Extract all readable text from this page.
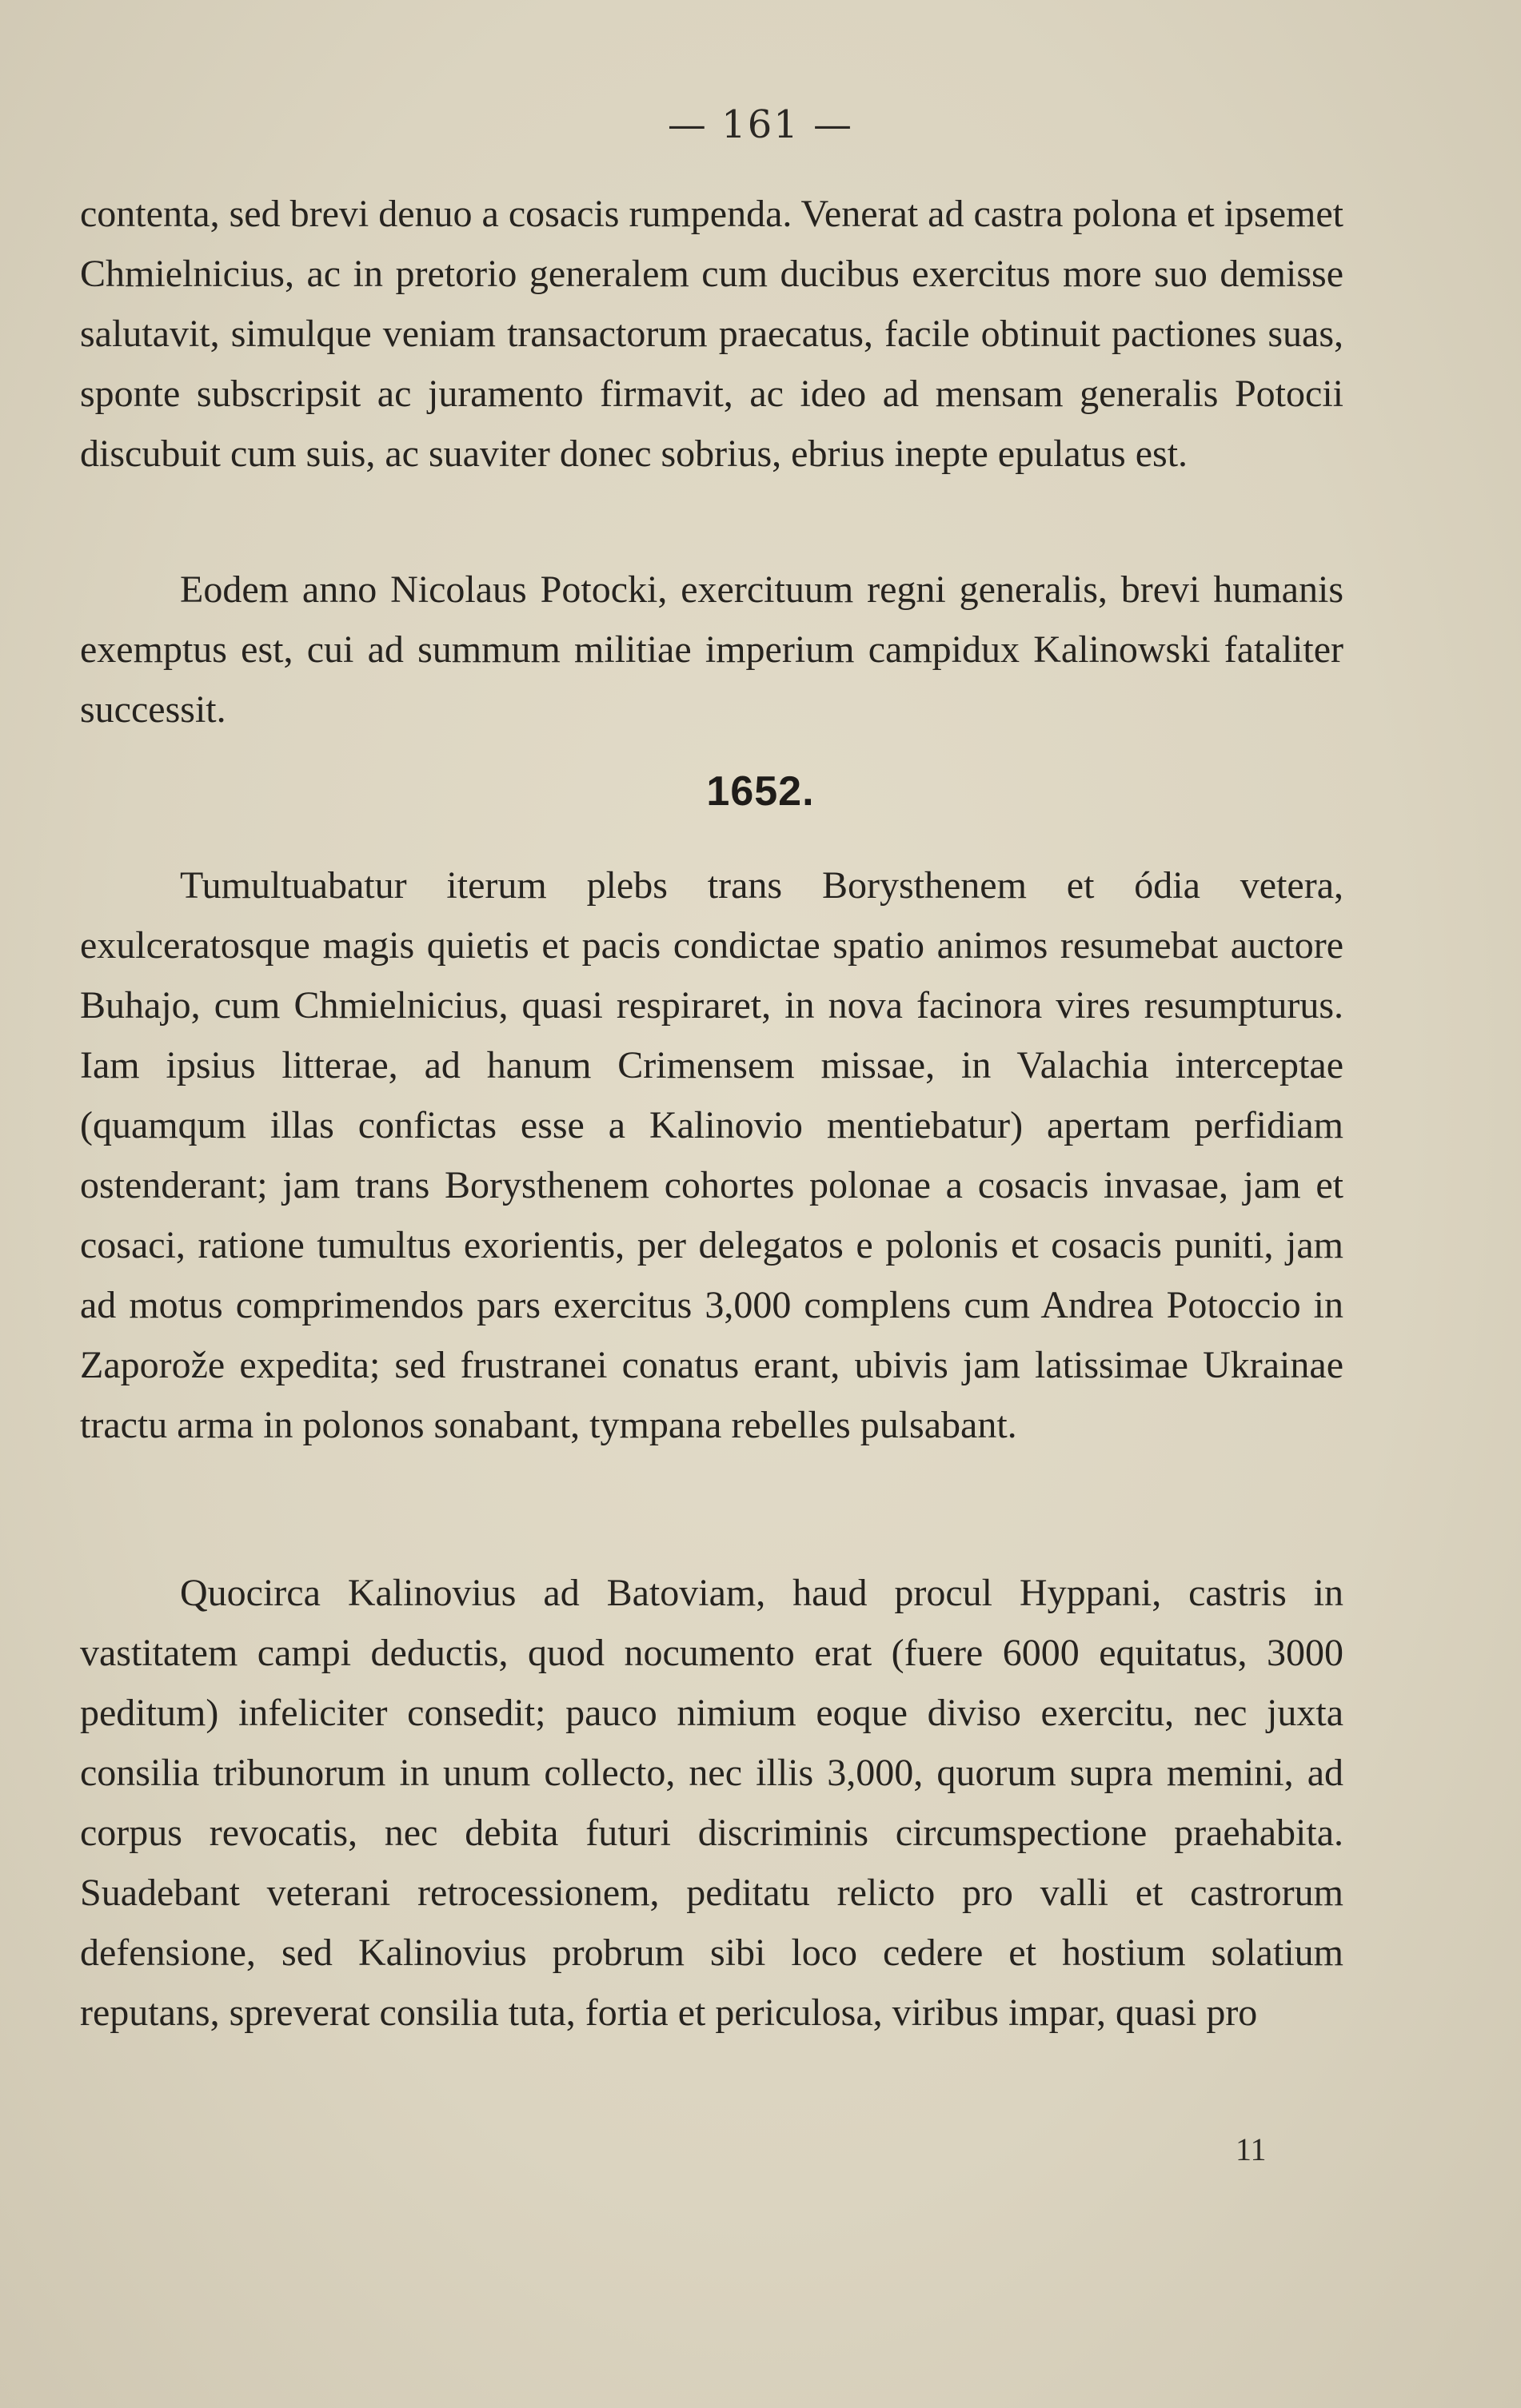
— 161 —

contenta, sed brevi denuo a cosacis rumpenda. Venerat ad castra polona et ipsemet Chmielnicius, ac in pretorio generalem cum ducibus exercitus more suo demisse salutavit, simulque veniam transactorum praecatus, facile obtinuit pactiones suas, sponte subscripsit ac juramento firmavit, ac ideo ad mensam generalis Potocii discubuit cum suis, ac suaviter donec sobrius, ebrius inepte epulatus est.

Eodem anno Nicolaus Potocki, exercituum regni generalis, brevi humanis exemptus est, cui ad summum militiae imperium campidux Kalinowski fataliter successit.

1652.

Tumultuabatur iterum plebs trans Borysthenem et ódia vetera, exulceratosque magis quietis et pacis condictae spatio animos resumebat auctore Buhajo, cum Chmielnicius, quasi respiraret, in nova facinora vires resumpturus. Iam ipsius litterae, ad hanum Crimensem missae, in Valachia interceptae (quamqum illas confictas esse a Kalinovio mentiebatur) apertam perfidiam ostenderant; jam trans Borysthenem cohortes polonae a cosacis invasae, jam et cosaci, ratione tumultus exorientis, per delegatos e polonis et cosacis puniti, jam ad motus comprimendos pars exercitus 3,000 complens cum Andrea Potoccio in Zaporože expedita; sed frustranei conatus erant, ubivis jam latissimae Ukrainae tractu arma in polonos sonabant, tympana rebelles pulsabant.

Quocirca Kalinovius ad Batoviam, haud procul Hyppani, castris in vastitatem campi deductis, quod nocumento erat (fuere 6000 equitatus, 3000 peditum) infeliciter consedit; pauco nimium eoque diviso exercitu, nec juxta consilia tribunorum in unum collecto, nec illis 3,000, quorum supra memini, ad corpus revocatis, nec debita futuri discriminis circumspectione praehabita. Suadebant veterani retrocessionem, peditatu relicto pro valli et castrorum defensione, sed Kalinovius probrum sibi loco cedere et hostium solatium reputans, spreverat consilia tuta, fortia et periculosa, viribus impar, quasi pro

11
